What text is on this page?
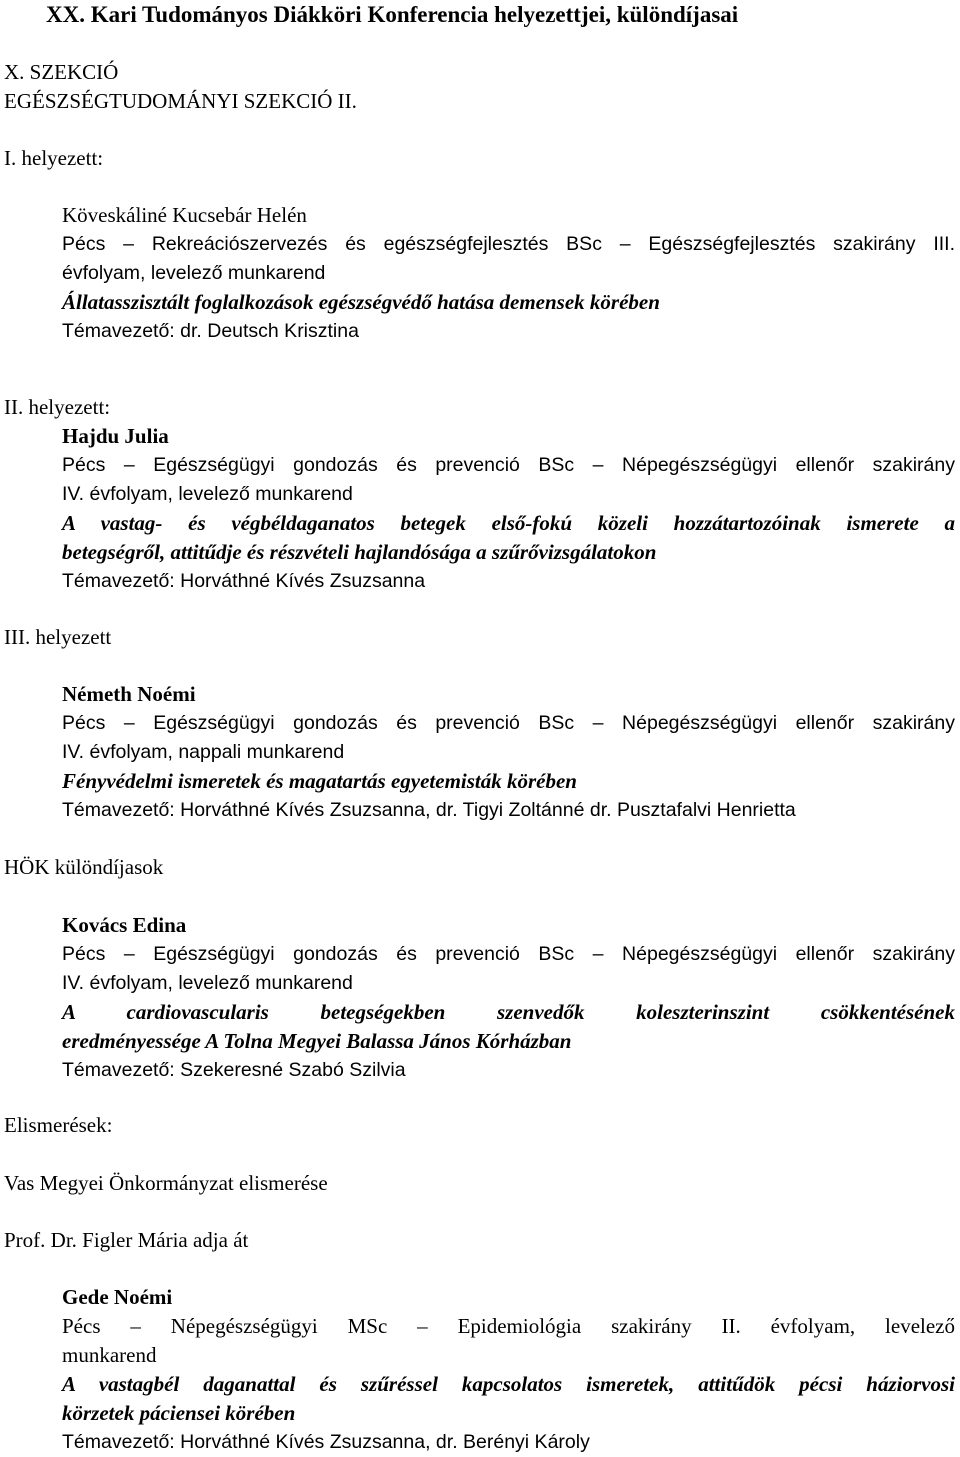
XX. Kari Tudományos Diákköri Konferencia helyezettjei, különdíjasai
X. SZEKCIÓ
EGÉSZSÉGTUDOMÁNYI SZEKCIÓ II.
I. helyezett:
Köveskáliné Kucsebár Helén
Pécs – Rekreációszervezés és egészségfejlesztés BSc – Egészségfejlesztés szakirány III.
évfolyam, levelező munkarend
Állatasszisztált foglalkozások egészségvédő hatása demensek körében
Témavezető: dr. Deutsch Krisztina
II. helyezett:
Hajdu Julia
Pécs – Egészségügyi gondozás és prevenció BSc – Népegészségügyi ellenőr szakirány
IV. évfolyam, levelező munkarend
A vastag- és végbéldaganatos betegek első-fokú közeli hozzátartozóinak ismerete a
betegségről, attitűdje és részvételi hajlandósága a szűrővizsgálatokon
Témavezető: Horváthné Kívés Zsuzsanna
III. helyezett
Németh Noémi
Pécs – Egészségügyi gondozás és prevenció BSc – Népegészségügyi ellenőr szakirány
IV. évfolyam, nappali munkarend
Fényvédelmi ismeretek és magatartás egyetemisták körében
Témavezető: Horváthné Kívés Zsuzsanna, dr. Tigyi Zoltánné dr. Pusztafalvi Henrietta
HÖK különdíjasok
Kovács Edina
Pécs – Egészségügyi gondozás és prevenció BSc – Népegészségügyi ellenőr szakirány
IV. évfolyam, levelező munkarend
A cardiovascularis betegségekben szenvedők koleszterinszint csökkentésének
eredményessége A Tolna Megyei Balassa János Kórházban
Témavezető: Szekeresné Szabó Szilvia
Elismerések:
Vas Megyei Önkormányzat elismerése
Prof. Dr. Figler Mária adja át
Gede Noémi
Pécs – Népegészségügyi MSc – Epidemiológia szakirány II. évfolyam, levelező
munkarend
A vastagbél daganattal és szűréssel kapcsolatos ismeretek, attitűdök pécsi háziorvosi
körzetek páciensei körében
Témavezető: Horváthné Kívés Zsuzsanna, dr. Berényi Károly
